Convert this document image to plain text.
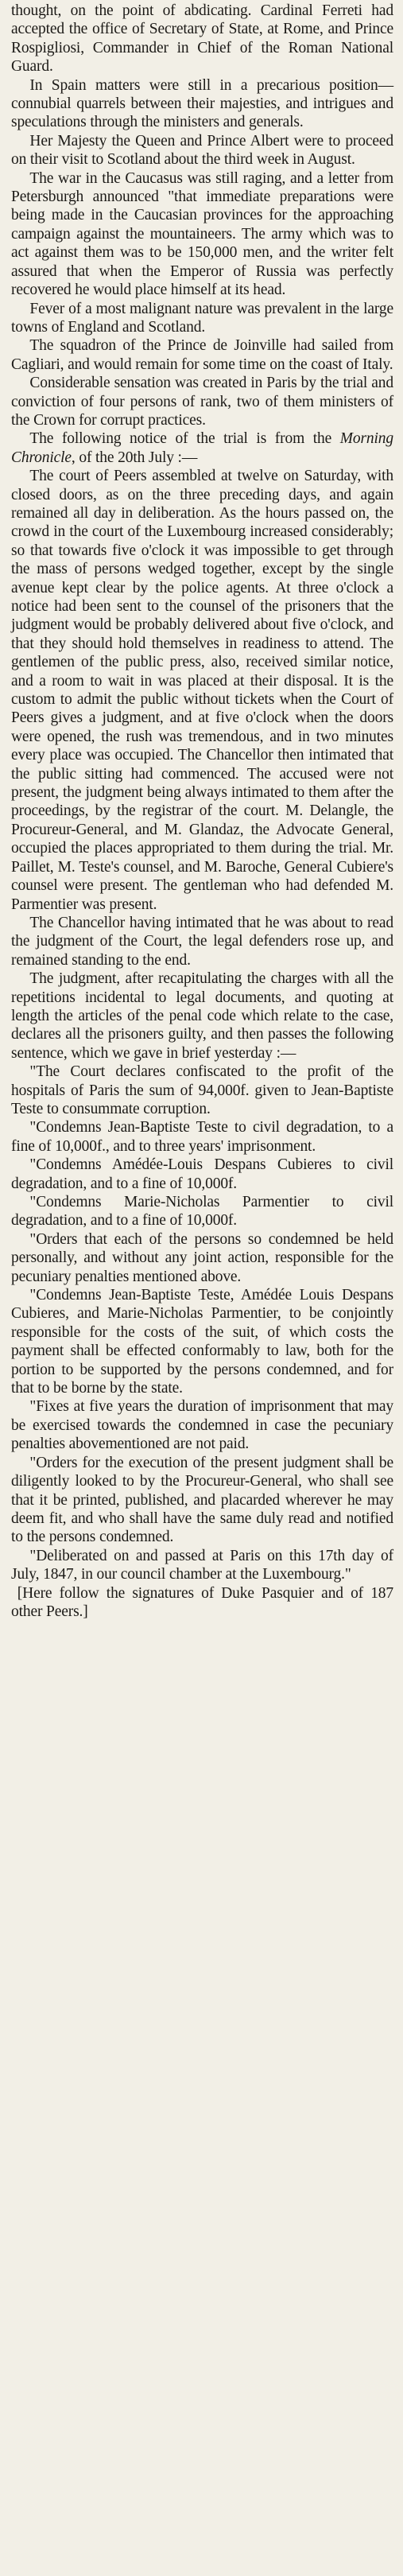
thought, on the point of abdicating. Cardinal Ferreti had accepted the office of Secretary of State, at Rome, and Prince Rospigliosi, Commander in Chief of the Roman National Guard.

In Spain matters were still in a precarious position—connubial quarrels between their majesties, and intrigues and speculations through the ministers and generals.

Her Majesty the Queen and Prince Albert were to proceed on their visit to Scotland about the third week in August.

The war in the Caucasus was still raging, and a letter from Petersburgh announced "that immediate preparations were being made in the Caucasian provinces for the approaching campaign against the mountaineers. The army which was to act against them was to be 150,000 men, and the writer felt assured that when the Emperor of Russia was perfectly recovered he would place himself at its head.

Fever of a most malignant nature was prevalent in the large towns of England and Scotland.

The squadron of the Prince de Joinville had sailed from Cagliari, and would remain for some time on the coast of Italy.

Considerable sensation was created in Paris by the trial and conviction of four persons of rank, two of them ministers of the Crown for corrupt practices.

The following notice of the trial is from the Morning Chronicle, of the 20th July :—

The court of Peers assembled at twelve on Saturday, with closed doors, as on the three preceding days, and again remained all day in deliberation. As the hours passed on, the crowd in the court of the Luxembourg increased considerably; so that towards five o'clock it was impossible to get through the mass of persons wedged together, except by the single avenue kept clear by the police agents. At three o'clock a notice had been sent to the counsel of the prisoners that the judgment would be probably delivered about five o'clock, and that they should hold themselves in readiness to attend. The gentlemen of the public press, also, received similar notice, and a room to wait in was placed at their disposal. It is the custom to admit the public without tickets when the Court of Peers gives a judgment, and at five o'clock when the doors were opened, the rush was tremendous, and in two minutes every place was occupied. The Chancellor then intimated that the public sitting had commenced. The accused were not present, the judgment being always intimated to them after the proceedings, by the registrar of the court. M. Delangle, the Procureur-General, and M. Glandaz, the Advocate General, occupied the places appropriated to them during the trial. Mr. Paillet, M. Teste's counsel, and M. Baroche, General Cubiere's counsel were present. The gentleman who had defended M. Parmentier was present.

The Chancellor having intimated that he was about to read the judgment of the Court, the legal defenders rose up, and remained standing to the end.

The judgment, after recapitulating the charges with all the repetitions incidental to legal documents, and quoting at length the articles of the penal code which relate to the case, declares all the prisoners guilty, and then passes the following sentence, which we gave in brief yesterday :—

"The Court declares confiscated to the profit of the hospitals of Paris the sum of 94,000f. given to Jean-Baptiste Teste to consummate corruption.

"Condemns Jean-Baptiste Teste to civil degradation, to a fine of 10,000f., and to three years' imprisonment.

"Condemns Amédée-Louis Despans Cubieres to civil degradation, and to a fine of 10,000f.

"Condemns Marie-Nicholas Parmentier to civil degradation, and to a fine of 10,000f.

"Orders that each of the persons so condemned be held personally, and without any joint action, responsible for the pecuniary penalties mentioned above.

"Condemns Jean-Baptiste Teste, Amédée Louis Despans Cubieres, and Marie-Nicholas Parmentier, to be conjointly responsible for the costs of the suit, of which costs the payment shall be effected conformably to law, both for the portion to be supported by the persons condemned, and for that to be borne by the state.

"Fixes at five years the duration of imprisonment that may be exercised towards the condemned in case the pecuniary penalties abovementioned are not paid.

"Orders for the execution of the present judgment shall be diligently looked to by the Procureur-General, who shall see that it be printed, published, and placarded wherever he may deem fit, and who shall have the same duly read and notified to the persons condemned.

"Deliberated on and passed at Paris on this 17th day of July, 1847, in our council chamber at the Luxembourg."

[Here follow the signatures of Duke Pasquier and of 187 other Peers.]
